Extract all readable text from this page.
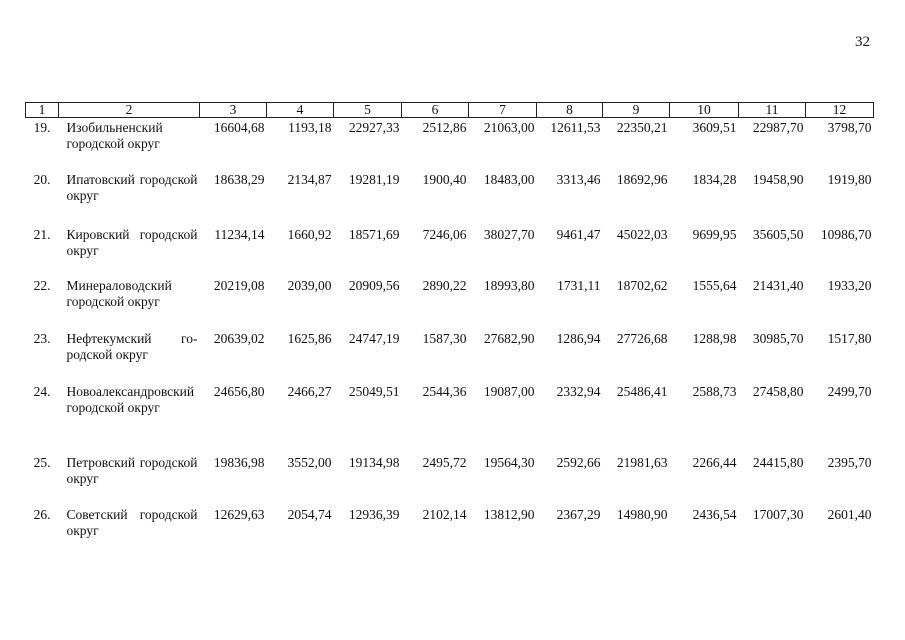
32
1	2	3	4	5	6	7	8	9	10	11	12
19.	Изобильненский городской округ	16604,68	1193,18	22927,33	2512,86	21063,00	12611,53	22350,21	3609,51	22987,70	3798,70
20.	Ипатовский городской округ	18638,29	2134,87	19281,19	1900,40	18483,00	3313,46	18692,96	1834,28	19458,90	1919,80
21.	Кировский городской округ	11234,14	1660,92	18571,69	7246,06	38027,70	9461,47	45022,03	9699,95	35605,50	10986,70
22.	Минераловодский городской округ	20219,08	2039,00	20909,56	2890,22	18993,80	1731,11	18702,62	1555,64	21431,40	1933,20
23.	Нефтекумский городской округ	20639,02	1625,86	24747,19	1587,30	27682,90	1286,94	27726,68	1288,98	30985,70	1517,80
24.	Новоалександровский городской округ	24656,80	2466,27	25049,51	2544,36	19087,00	2332,94	25486,41	2588,73	27458,80	2499,70
25.	Петровский городской округ	19836,98	3552,00	19134,98	2495,72	19564,30	2592,66	21981,63	2266,44	24415,80	2395,70
26.	Советский городской округ	12629,63	2054,74	12936,39	2102,14	13812,90	2367,29	14980,90	2436,54	17007,30	2601,40
